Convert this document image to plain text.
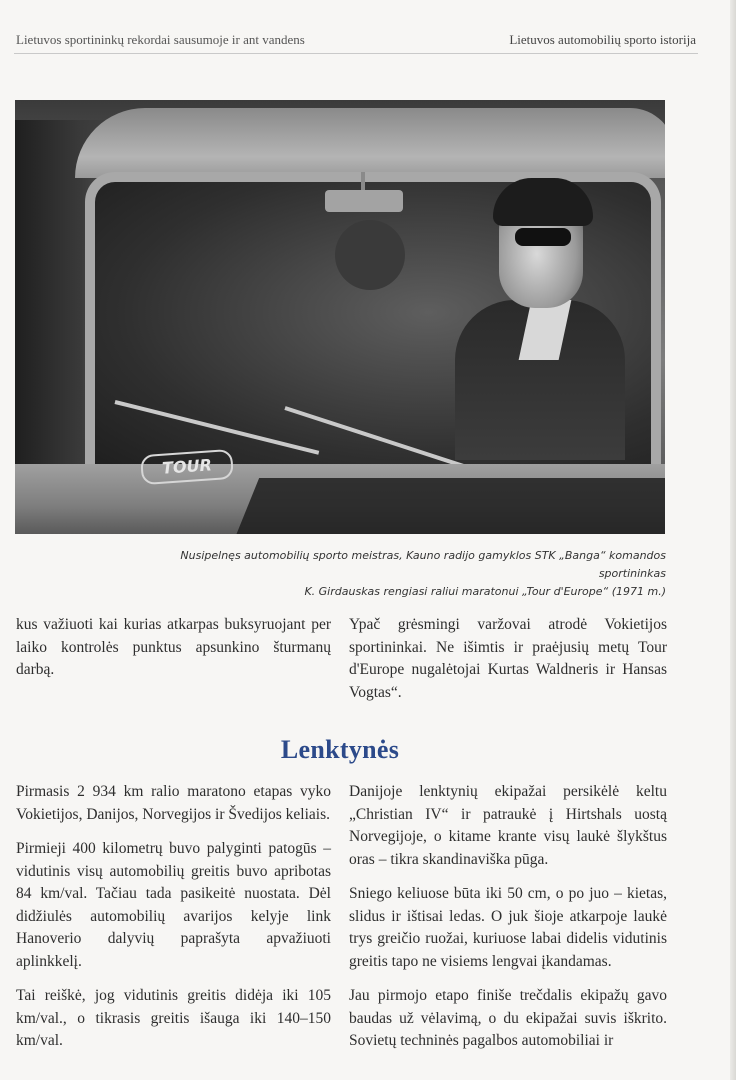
Lietuvos sportininkų rekordai sausumoje ir ant vandens	Lietuvos automobilių sporto istorija
TOUR
Nusipelnęs automobilių sporto meistras, Kauno radijo gamyklos STK „Banga“ komandos sportininkas
K. Girdauskas rengiasi raliui maratonui „Tour d'Europe“ (1971 m.)

kus važiuoti kai kurias atkarpas buksyruojant per laiko kontrolės punktus apsunkino šturmanų darbą.

Ypač grėsmingi varžovai atrodė Vokietijos sportininkai. Ne išimtis ir praėjusių metų Tour d'Europe nugalėtojai Kurtas Waldneris ir Hansas Vogtas“.

Lenktynės

Pirmasis 2 934 km ralio maratono etapas vyko Vokietijos, Danijos, Norvegijos ir Švedijos keliais.

Pirmieji 400 kilometrų buvo palyginti patogūs – vidutinis visų automobilių greitis buvo apribotas 84 km/val. Tačiau tada pasikeitė nuostata. Dėl didžiulės automobilių avarijos kelyje link Hanoverio dalyvių paprašyta apvažiuoti aplinkkelį.

Tai reiškė, jog vidutinis greitis didėja iki 105 km/val., o tikrasis greitis išauga iki 140–150 km/val.

Danijoje lenktynių ekipažai persikėlė keltu „Christian IV“ ir patraukė į Hirtshals uostą Norvegijoje, o kitame krante visų laukė šlykštus oras – tikra skandinaviška pūga.

Sniego keliuose būta iki 50 cm, o po juo – kietas, slidus ir ištisai ledas. O juk šioje atkarpoje laukė trys greičio ruožai, kuriuose labai didelis vidutinis greitis tapo ne visiems lengvai įkandamas.

Jau pirmojo etapo finiše trečdalis ekipažų gavo baudas už vėlavimą, o du ekipažai suvis iškrito. Sovietų techninės pagalbos automobiliai ir
